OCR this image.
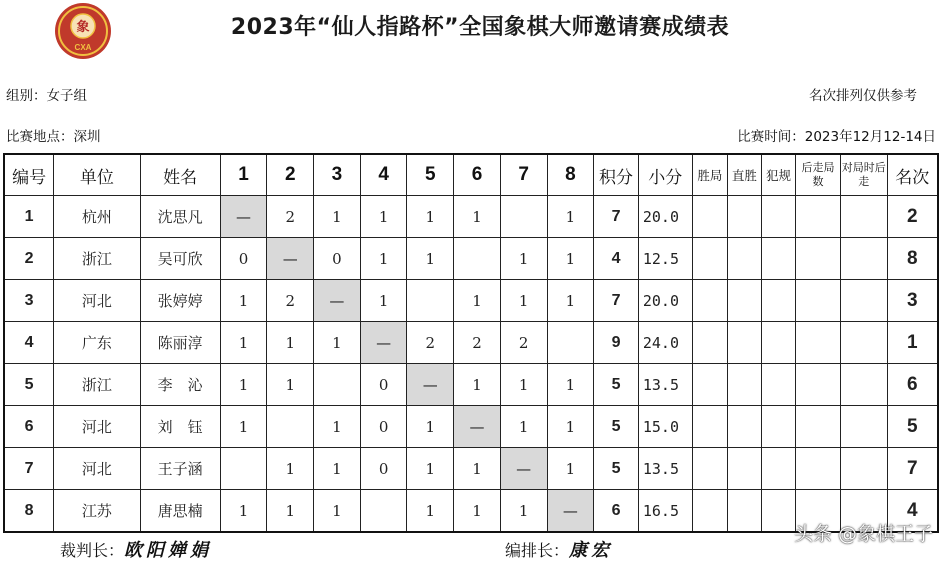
象
CXA
2023年“仙人指路杯”全国象棋大师邀请赛成绩表
组别：女子组	名次排列仅供参考
比赛地点：深圳	比赛时间：2023年12月12-14日
编号	单位	姓名	1	2	3	4	5	6	7	8	积分	小分	胜局	直胜	犯规	后走局数	对局时后走	名次
1	杭州	沈思凡	—	2	1	1	1	1		1	7	20.0						2
2	浙江	吴可欣	0	—	0	1	1		1	1	4	12.5						8
3	河北	张婷婷	1	2	—	1		1	1	1	7	20.0						3
4	广东	陈丽淳	1	1	1	—	2	2	2		9	24.0						1
5	浙江	李　沁	1	1		0	—	1	1	1	5	13.5						6
6	河北	刘　钰	1		1	0	1	—	1	1	5	15.0						5
7	河北	王子涵		1	1	0	1	1	—	1	5	13.5						7
8	江苏	唐思楠	1	1	1		1	1	1	—	6	16.5						4
裁判长：欧阳婵娟	编排长：康宏
头条 @象棋王子
